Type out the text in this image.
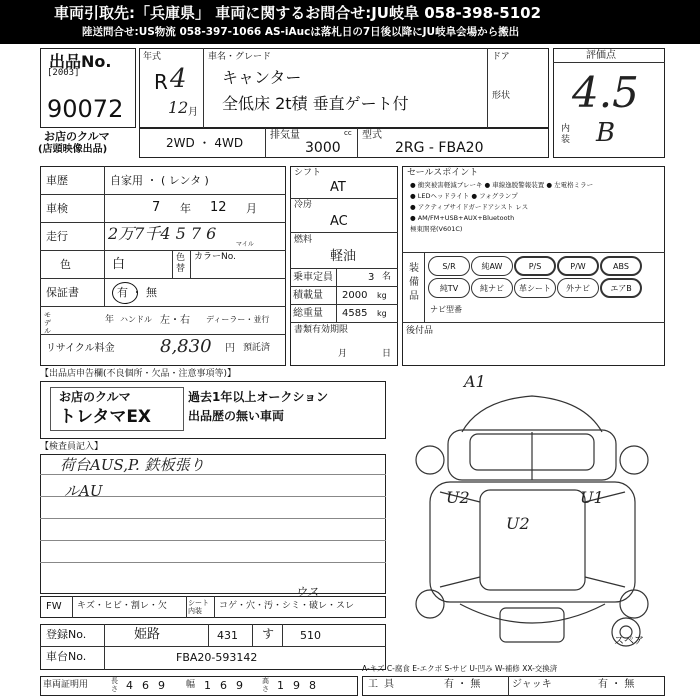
車両引取先:「兵庫県」 車両に関するお問合せ:JU岐阜 058-398-5102
陸送問合せ:US物流 058-397-1066 AS-iAucは落札日の7日後以降にJU岐阜会場から搬出
出品No.
[2003]
90072
お店のクルマ
(店頭映像出品)
年式
R 4
12 月
車名・グレード
キャンター
全低床 2t積 垂直ゲート付
ドア
形状
2WD ・ 4WD
排気量
3000
cc 型式
2RG - FBA20
評価点
4.5
内装 B
車歴	自家用 ・ ( レンタ )
車検	7 年 12 月
走行	2万7千4 5 7 6
マイル
色	白	色替
カラーNo.
保証書	有 ・ 無
モデル
年 ハンドル 左・右 ディーラー・並行
リサイクル料金	8,830 円 預託済
シフト
AT
冷房
AC
燃料
軽油
乗車定員	3 名
積載量 2000 kg
総重量 4585 kg
書類有効期限
月	日
セールスポイント
● 衝突被害軽減ブレーキ ● 車線逸脱警報装置 ● 左電格ミラー
● LEDヘッドライト ● フォグランプ
● アクティブサイドガードアシスト レス
● AM/FM+USB+AUX+Bluetooth
極東開発(V601C)
装備品
S/R	純AW	P/S	P/W	ABS
純TV	純ナビ	革シート	外ナビ	エアB
ナビ型番
後付品
【出品店申告欄(不良個所・欠品・注意事項等)】
お店のクルマ
トレタマEX
過去1年以上オークション
出品歴の無い車両
【検査員記入】
荷台AUS,P. 鉄板張り
ルAU
FW キズ・ヒビ・割レ・欠	シート内装	コゲ・穴・汚・シミ・破レ・スレ
ウス
登録No.	姫路	431 す 510
車台No.	FBA20-593142
車両証明用	長さ 469 幅 169 高さ 198
A-キズ C-腐食 E-エクボ S-サビ U-凹み W-補修 XX-交換済
工具	有 ・ 無	ジャッキ	有 ・ 無
A1
U2	U1
U2
スペア
